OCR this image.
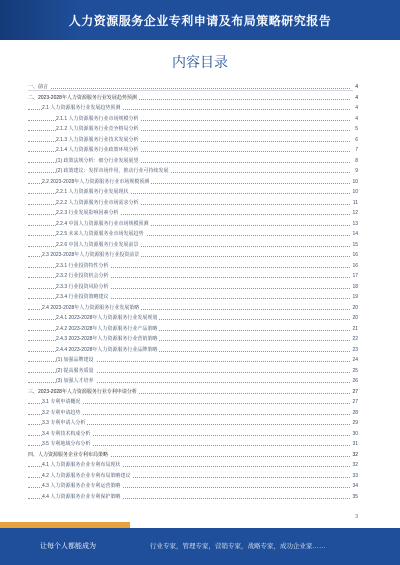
人力资源服务企业专利申请及布局策略研究报告
内容目录
一、前言	4
二、2023-2028年人力资源服务行业发展趋势预测	4
2.1 人力资源服务行业发展趋势预测	4
2.1.1 人力资源服务行业市场规模分析	4
2.1.2 人力资源服务行业竞争格局分析	5
2.1.3 人力资源服务行业技术发展分析	6
2.1.4 人力资源服务行业政策环境分析	7
(1) 政策法规分析：细分行业发展展望	8
(2) 政策建议：发挥市场作用，推动行业可持续发展	9
2.2 2023-2028年人力资源服务行业市场规模预测	10
2.2.1 人力资源服务行业发展现状	10
2.2.2 人力资源服务行业市场需求分析	11
2.2.3 行业发展影响因素分析	12
2.2.4 中国人力资源服务行业市场规模预测	13
2.2.5 未来人力资源服务业市场发展趋势	14
2.2.6 中国人力资源服务行业发展前景	15
2.3 2023-2028年人力资源服务行业投资前景	16
2.3.1 行业投资特性分析	16
2.3.2 行业投资机会分析	17
2.3.3 行业投资风险分析	18
2.3.4 行业投资策略建议	19
2.4 2023-2028年人力资源服务行业发展策略	20
2.4.1 2023-2028年人力资源服务行业发展规划	20
2.4.2 2023-2028年人力资源服务行业产品策略	21
2.4.3 2023-2028年人力资源服务行业营销策略	22
2.4.4 2023-2028年人力资源服务行业品牌策略	23
(1) 加强品牌建设	24
(2) 提高服务质量	25
(3) 加强人才培养	26
三、2023-2028年人力资源服务行业专利申请分析	27
3.1 专利申请概况	27
3.2 专利申请趋势	28
3.3 专利申请人分析	29
3.4 专利技术构成分析	30
3.5 专利地域分布分析	31
四、人力资源服务企业专利布局策略	32
4.1 人力资源服务企业专利布局现状	32
4.2 人力资源服务企业专利布局策略建议	33
4.3 人力资源服务企业专利运营策略	34
4.4 人力资源服务企业专利保护策略	35
3
让每个人都能成为	行业专家，管理专家，营销专家，战略专家，成功企业家……
